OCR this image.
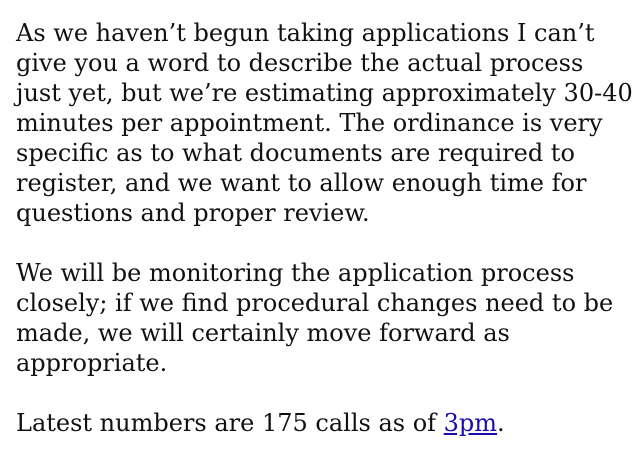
As we haven’t begun taking applications I can’t give you a word to describe the actual process just yet, but we’re estimating approximately 30-40 minutes per appointment. The ordinance is very specific as to what documents are required to register, and we want to allow enough time for questions and proper review.

We will be monitoring the application process closely; if we find procedural changes need to be made, we will certainly move forward as appropriate.

Latest numbers are 175 calls as of 3pm.
